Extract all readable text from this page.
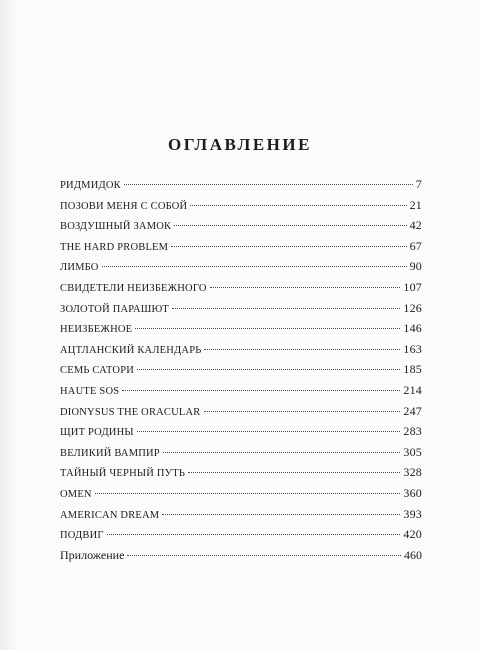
ОГЛАВЛЕНИЕ
РИДМИДОК	7
ПОЗОВИ МЕНЯ С СОБОЙ	21
ВОЗДУШНЫЙ ЗАМОК	42
THE HARD PROBLEM	67
ЛИМБО	90
СВИДЕТЕЛИ НЕИЗБЕЖНОГО	107
ЗОЛОТОЙ ПАРАШЮТ	126
НЕИЗБЕЖНОЕ	146
АЦТЛАНСКИЙ КАЛЕНДАРЬ	163
СЕМЬ САТОРИ	185
HAUTE SOS	214
DIONYSUS THE ORACULAR	247
ЩИТ РОДИНЫ	283
ВЕЛИКИЙ ВАМПИР	305
ТАЙНЫЙ ЧЕРНЫЙ ПУТЬ	328
OMEN	360
AMERICAN DREAM	393
ПОДВИГ	420
Приложение	460
